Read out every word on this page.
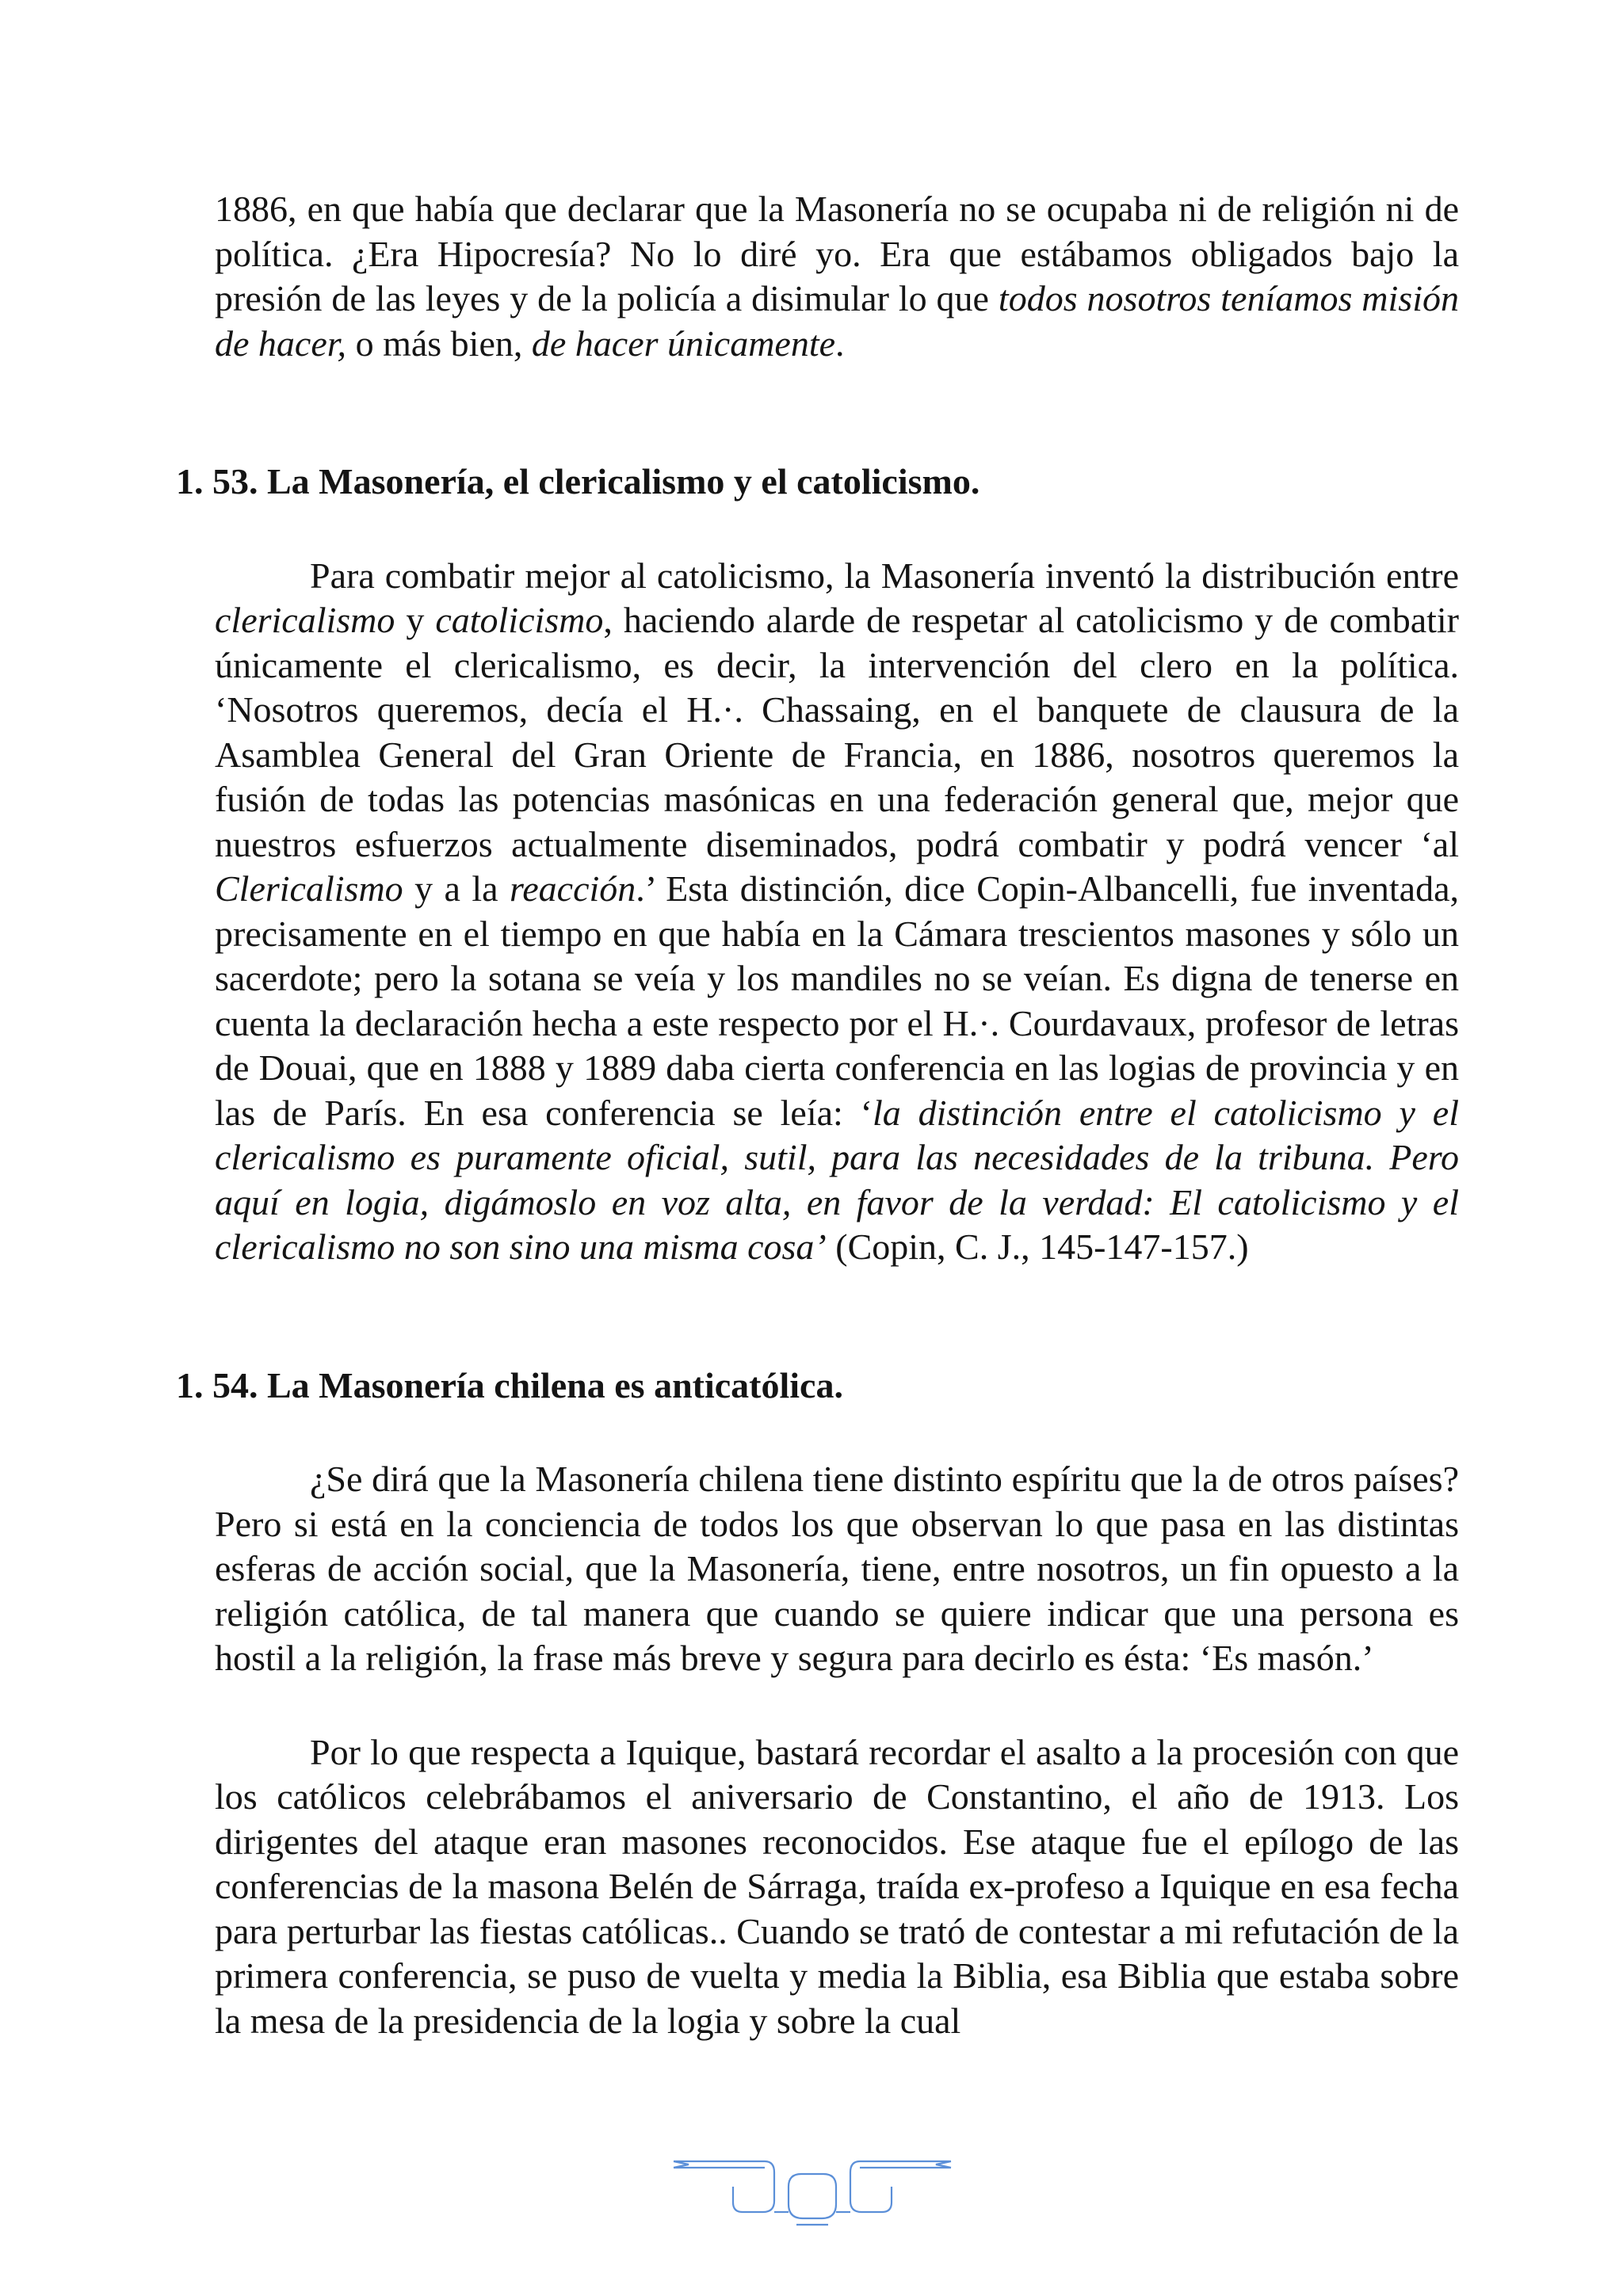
1886, en que había que declarar que la Masonería no se ocupaba ni de religión ni de política. ¿Era Hipocresía? No lo diré yo. Era que estábamos obligados bajo la presión de las leyes y de la policía a disimular lo que todos nosotros teníamos misión de hacer, o más bien, de hacer únicamente.

1. 53. La Masonería, el clericalismo y el catolicismo.

Para combatir mejor al catolicismo, la Masonería inventó la distribución entre clericalismo y catolicismo, haciendo alarde de respetar al catolicismo y de combatir únicamente el clericalismo, es decir, la intervención del clero en la política. ‘Nosotros queremos, decía el H.·. Chassaing, en el banquete de clausura de la Asamblea General del Gran Oriente de Francia, en 1886, nosotros queremos la fusión de todas las potencias masónicas en una federación general que, mejor que nuestros esfuerzos actualmente diseminados, podrá combatir y podrá vencer ‘al Clericalismo y a la reacción.’ Esta distinción, dice Copin-Albancelli, fue inventada, precisamente en el tiempo en que había en la Cámara trescientos masones y sólo un sacerdote; pero la sotana se veía y los mandiles no se veían. Es digna de tenerse en cuenta la declaración hecha a este respecto por el H.·. Courdavaux, profesor de letras de Douai, que en 1888 y 1889 daba cierta conferencia en las logias de provincia y en las de París. En esa conferencia se leía: ‘la distinción entre el catolicismo y el clericalismo es puramente oficial, sutil, para las necesidades de la tribuna. Pero aquí en logia, digámoslo en voz alta, en favor de la verdad: El catolicismo y el clericalismo no son sino una misma cosa’ (Copin, C. J., 145-147-157.)

1. 54. La Masonería chilena es anticatólica.

¿Se dirá que la Masonería chilena tiene distinto espíritu que la de otros países? Pero si está en la conciencia de todos los que observan lo que pasa en las distintas esferas de acción social, que la Masonería, tiene, entre nosotros, un fin opuesto a la religión católica, de tal manera que cuando se quiere indicar que una persona es hostil a la religión, la frase más breve y segura para decirlo es ésta: ‘Es masón.’

Por lo que respecta a Iquique, bastará recordar el asalto a la procesión con que los católicos celebrábamos el aniversario de Constantino, el año de 1913. Los dirigentes del ataque eran masones reconocidos. Ese ataque fue el epílogo de las conferencias de la masona Belén de Sárraga, traída ex-profeso a Iquique en esa fecha para perturbar las fiestas católicas.. Cuando se trató de contestar a mi refutación de la primera conferencia, se puso de vuelta y media la Biblia, esa Biblia que estaba sobre la mesa de la presidencia de la logia y sobre la cual
